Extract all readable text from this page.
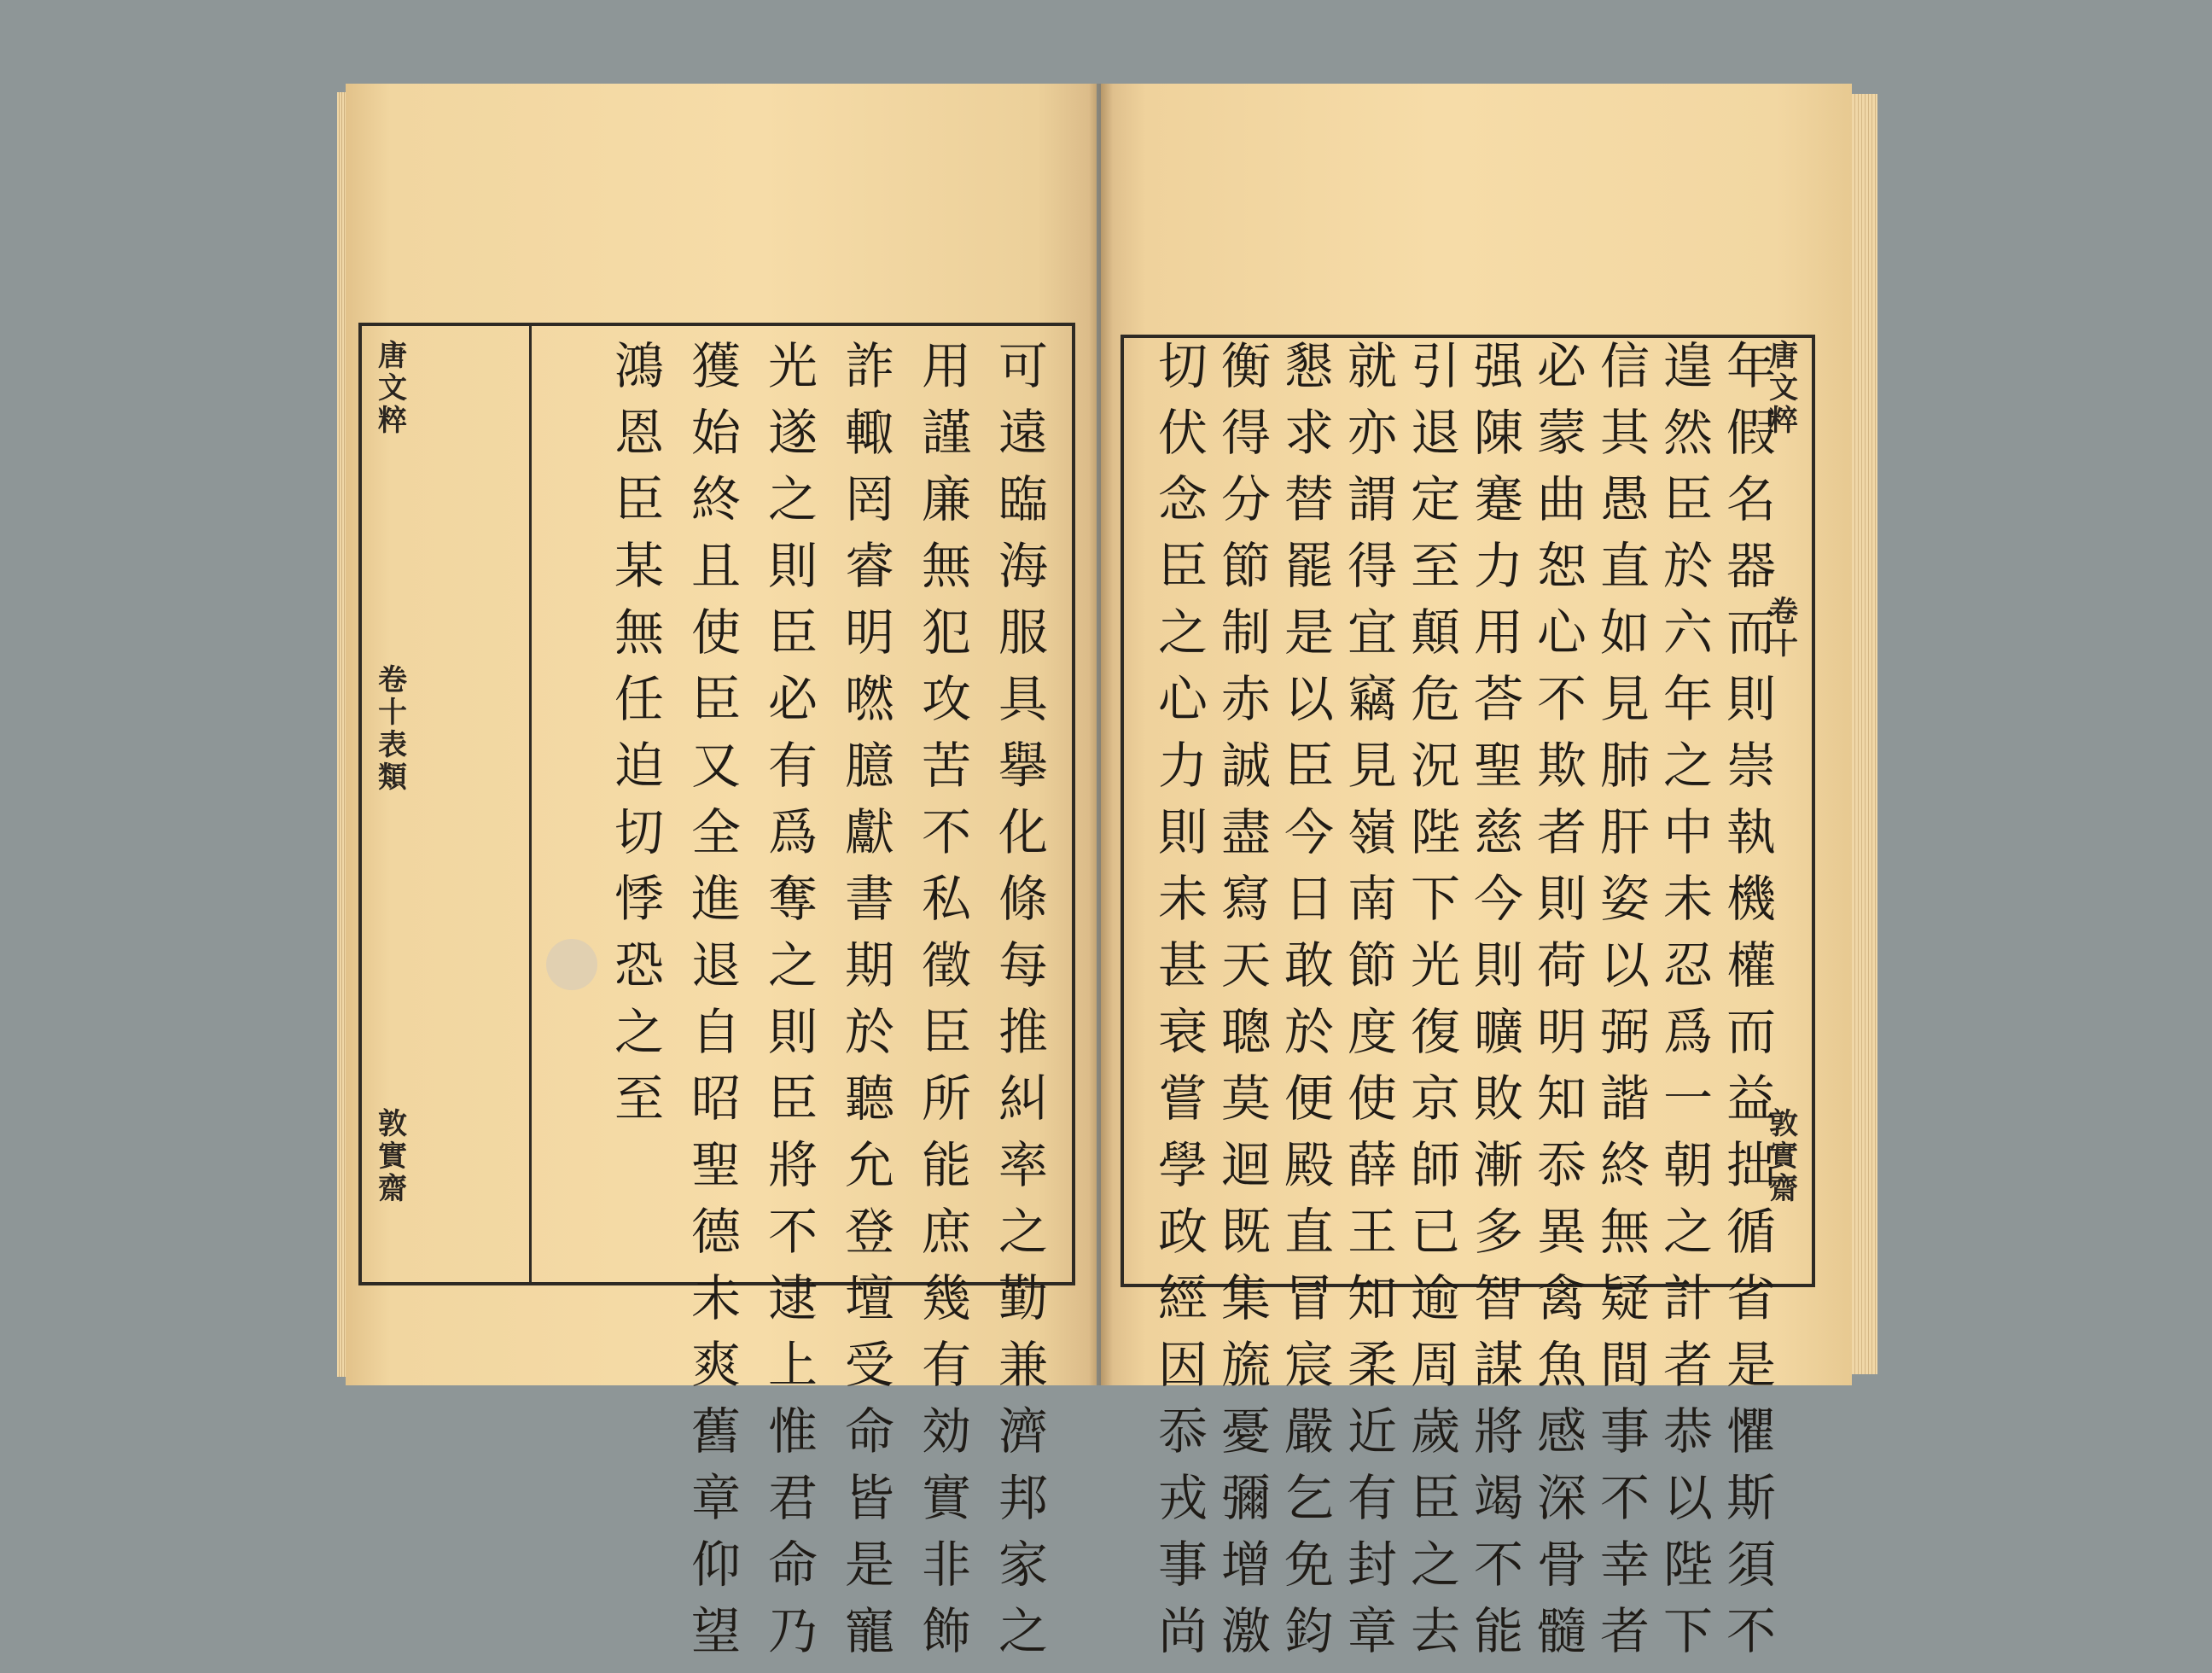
唐
文
粹
卷
十
表
類
唐
文
粹
卷
十
可
遠
臨
海
服
具
擧
化
條
每
推
糾
率
之
勤
兼
濟
邦
家
之
用
謹
廉
無
犯
攻
苦
不
私
徵
臣
所
能
庶
幾
有
効
實
非
飾
詐
輙
罔
睿
明
嘫
臆
獻
書
期
於
聽
允
登
壇
受
命
皆
是
寵
光
遂
之
則
臣
必
有
爲
奪
之
則
臣
將
不
逮
上
惟
君
命
乃
獲
始
終
且
使
臣
又
全
進
退
自
昭
聖
德
未
爽
舊
章
仰
望
鴻
恩
臣
某
無
任
迫
切
悸
恐
之
至
年
假
名
器
而
則
崇
執
機
權
而
益
拙
循
省
是
懼
斯
須
不
遑
然
臣
於
六
年
之
中
未
忍
爲
一
朝
之
計
者
恭
以
陛
下
信
其
愚
直
如
見
肺
肝
姿
以
弼
諧
終
無
疑
間
事
不
幸
者
必
蒙
曲
恕
心
不
欺
者
則
荷
明
知
忝
異
禽
魚
感
深
骨
髓
强
陳
蹇
力
用
荅
聖
慈
今
則
曠
敗
漸
多
智
謀
將
竭
不
能
引
退
定
至
顛
危
況
陛
下
光
復
京
師
已
逾
周
歲
臣
之
去
就
亦
謂
得
宜
竊
見
嶺
南
節
度
使
薛
王
知
柔
近
有
封
章
懇
求
替
罷
是
以
臣
今
日
敢
於
便
殿
直
冒
宸
嚴
乞
免
鈞
衡
得
分
節
制
赤
誠
盡
寫
天
聰
莫
迴
既
集
旒
憂
彌
增
激
切
伏
念
臣
之
心
力
則
未
甚
衰
嘗
學
政
經
因
忝
戎
事
尚
敦
實
齋
敦
實
齋
